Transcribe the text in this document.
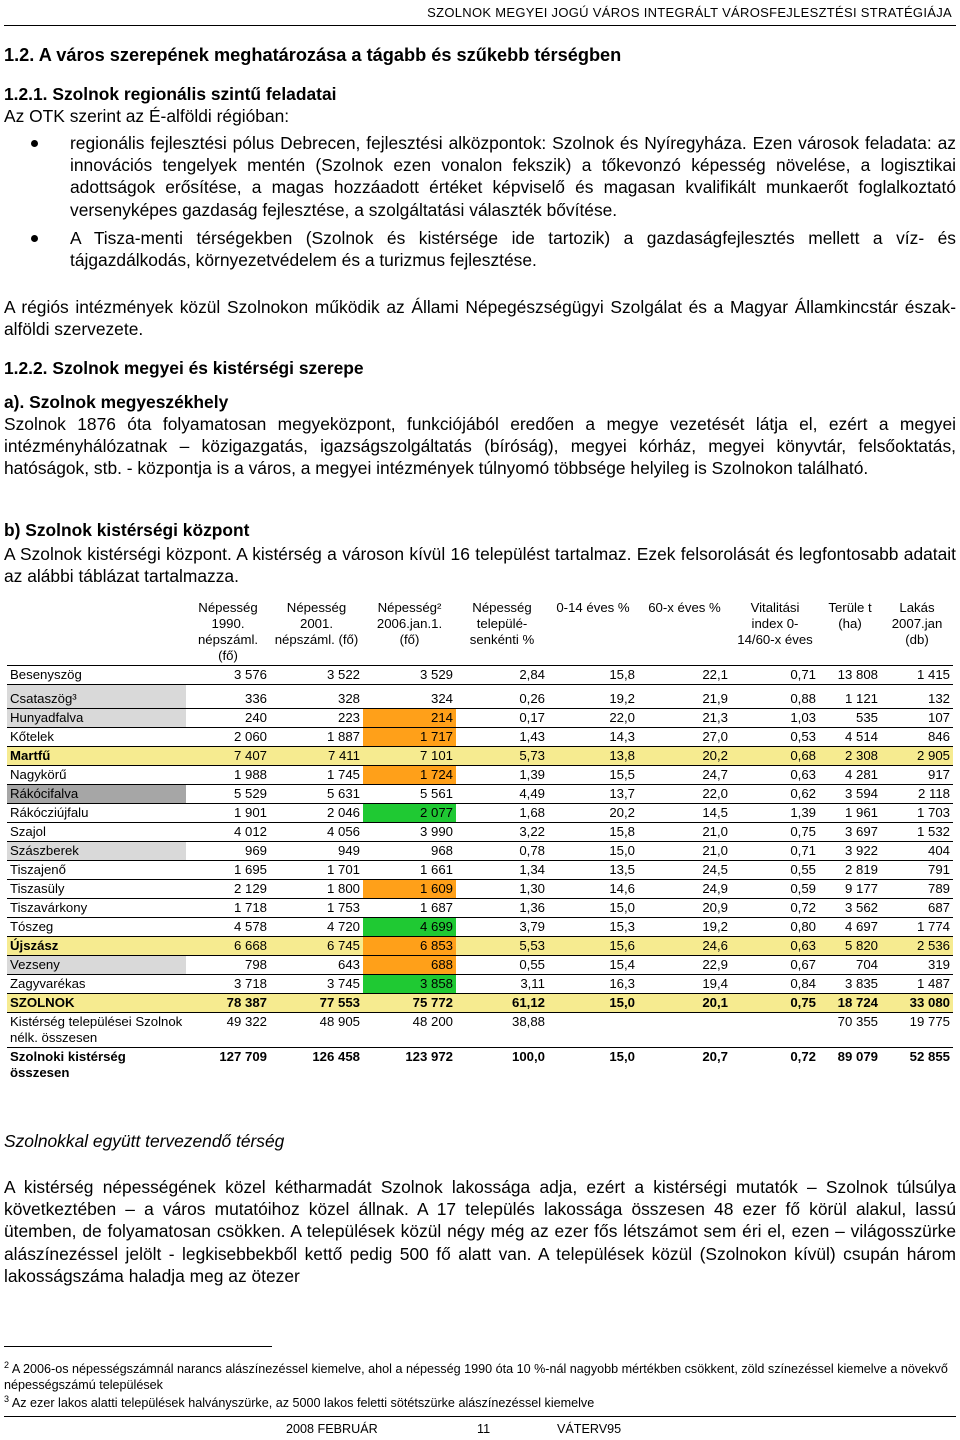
SZOLNOK MEGYEI JOGÚ VÁROS INTEGRÁLT VÁROSFEJLESZTÉSI STRATÉGIÁJA
1.2. A város szerepének meghatározása a tágabb és szűkebb térségben
1.2.1. Szolnok regionális szintű feladatai
Az OTK szerint az É-alföldi régióban:
regionális fejlesztési pólus Debrecen, fejlesztési alközpontok: Szolnok és Nyíregyháza. Ezen városok feladata: az innovációs tengelyek mentén (Szolnok ezen vonalon fekszik) a tőkevonzó képesség növelése, a logisztikai adottságok erősítése, a magas hozzáadott értéket képviselő és magasan kvalifikált munkaerőt foglalkoztató versenyképes gazdaság fejlesztése, a szolgáltatási választék bővítése.
A Tisza-menti térségekben (Szolnok és kistérsége ide tartozik) a gazdaságfejlesztés mellett a víz- és tájgazdálkodás, környezetvédelem és a turizmus fejlesztése.
A régiós intézmények közül Szolnokon működik az Állami Népegészségügyi Szolgálat és a Magyar Államkincstár észak-alföldi szervezete.
1.2.2. Szolnok megyei és kistérségi szerepe
a). Szolnok megyeszékhely
Szolnok 1876 óta folyamatosan megyeközpont, funkciójából eredően a megye vezetését látja el, ezért a megyei intézményhálózatnak – közigazgatás, igazságszolgáltatás (bíróság), megyei kórház, megyei könyvtár, felsőoktatás, hatóságok, stb. - központja is a város, a megyei intézmények túlnyomó többsége helyileg is Szolnokon található.
b) Szolnok kistérségi központ
A Szolnok kistérségi központ. A kistérség a városon kívül 16 települést tartalmaz. Ezek felsorolását és legfontosabb adatait az alábbi táblázat tartalmazza.
	Népesség 1990. népszáml. (fő)	Népesség 2001. népszáml. (fő)	Népesség² 2006.jan.1. (fő)	Népesség települé-senkénti %	0-14 éves %	60-x éves %	Vitalitási index 0-14/60-x éves	Terüle t (ha)	Lakás 2007.jan (db)
Besenyszög	3 576	3 522	3 529	2,84	15,8	22,1	0,71	13 808	1 415
Csataszög³	336	328	324	0,26	19,2	21,9	0,88	1 121	132
Hunyadfalva	240	223	214	0,17	22,0	21,3	1,03	535	107
Kőtelek	2 060	1 887	1 717	1,43	14,3	27,0	0,53	4 514	846
Martfű	7 407	7 411	7 101	5,73	13,8	20,2	0,68	2 308	2 905
Nagykörű	1 988	1 745	1 724	1,39	15,5	24,7	0,63	4 281	917
Rákócifalva	5 529	5 631	5 561	4,49	13,7	22,0	0,62	3 594	2 118
Rákócziújfalu	1 901	2 046	2 077	1,68	20,2	14,5	1,39	1 961	1 703
Szajol	4 012	4 056	3 990	3,22	15,8	21,0	0,75	3 697	1 532
Szászberek	969	949	968	0,78	15,0	21,0	0,71	3 922	404
Tiszajenő	1 695	1 701	1 661	1,34	13,5	24,5	0,55	2 819	791
Tiszasüly	2 129	1 800	1 609	1,30	14,6	24,9	0,59	9 177	789
Tiszavárkony	1 718	1 753	1 687	1,36	15,0	20,9	0,72	3 562	687
Tószeg	4 578	4 720	4 699	3,79	15,3	19,2	0,80	4 697	1 774
Újszász	6 668	6 745	6 853	5,53	15,6	24,6	0,63	5 820	2 536
Vezseny	798	643	688	0,55	15,4	22,9	0,67	704	319
Zagyvarékas	3 718	3 745	3 858	3,11	16,3	19,4	0,84	3 835	1 487
SZOLNOK	78 387	77 553	75 772	61,12	15,0	20,1	0,75	18 724	33 080
Kistérség települései Szolnok nélk. összesen	49 322	48 905	48 200	38,88				70 355	19 775
Szolnoki kistérség összesen	127 709	126 458	123 972	100,0	15,0	20,7	0,72	89 079	52 855
Szolnokkal együtt tervezendő térség
A kistérség népességének közel kétharmadát Szolnok lakossága adja, ezért a kistérségi mutatók – Szolnok túlsúlya következtében – a város mutatóihoz közel állnak. A 17 település lakossága összesen 48 ezer fő körül alakul, lassú ütemben, de folyamatosan csökken. A települések közül négy még az ezer fős létszámot sem éri el, ezen – világosszürke alászínezéssel jelölt - legkisebbekből kettő pedig 500 fő alatt van. A települések közül (Szolnokon kívül) csupán három lakosságszáma haladja meg az ötezer
$^2$ A 2006-os népességszámnál narancs alászínezéssel kiemelve, ahol a népesség 1990 óta 10 %-nál nagyobb mértékben csökkent, zöld színezéssel kiemelve a növekvő népességszámú települések
$^3$ Az ezer lakos alatti települések halványszürke, az 5000 lakos feletti sötétszürke alászínezéssel kiemelve
2008 FEBRUÁR	11	VÁTERV95
